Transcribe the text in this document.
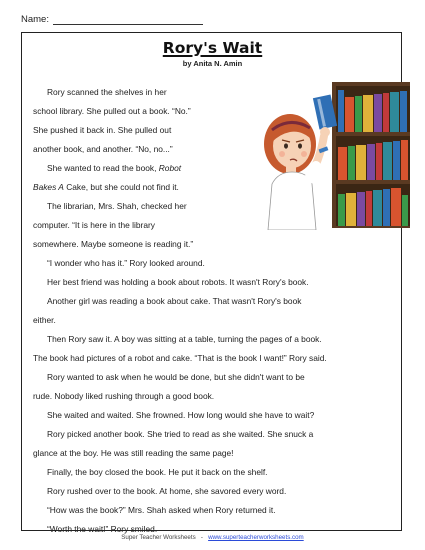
Name:
Rory's Wait
by Anita N. Amin
Rory scanned the shelves in her
school library. She pulled out a book. “No.”
She pushed it back in. She pulled out
another book, and another. “No, no...”
She wanted to read the book, Robot
Bakes A Cake, but she could not find it.
The librarian, Mrs. Shah, checked her
computer. “It is here in the library
somewhere. Maybe someone is reading it.”
“I wonder who has it.” Rory looked around.
Her best friend was holding a book about robots. It wasn't Rory's book.
Another girl was reading a book about cake. That wasn't Rory's book
either.
Then Rory saw it. A boy was sitting at a table, turning the pages of a book.
The book had pictures of a robot and cake. “That is the book I want!” Rory said.
Rory wanted to ask when he would be done, but she didn't want to be
rude. Nobody liked rushing through a good book.
She waited and waited. She frowned. How long would she have to wait?
Rory picked another book. She tried to read as she waited. She snuck a
glance at the boy. He was still reading the same page!
Finally, the boy closed the book. He put it back on the shelf.
Rory rushed over to the book. At home, she savored every word.
“How was the book?” Mrs. Shah asked when Rory returned it.
“Worth the wait!” Rory smiled.
Super Teacher Worksheets - www.superteacherworksheets.com
